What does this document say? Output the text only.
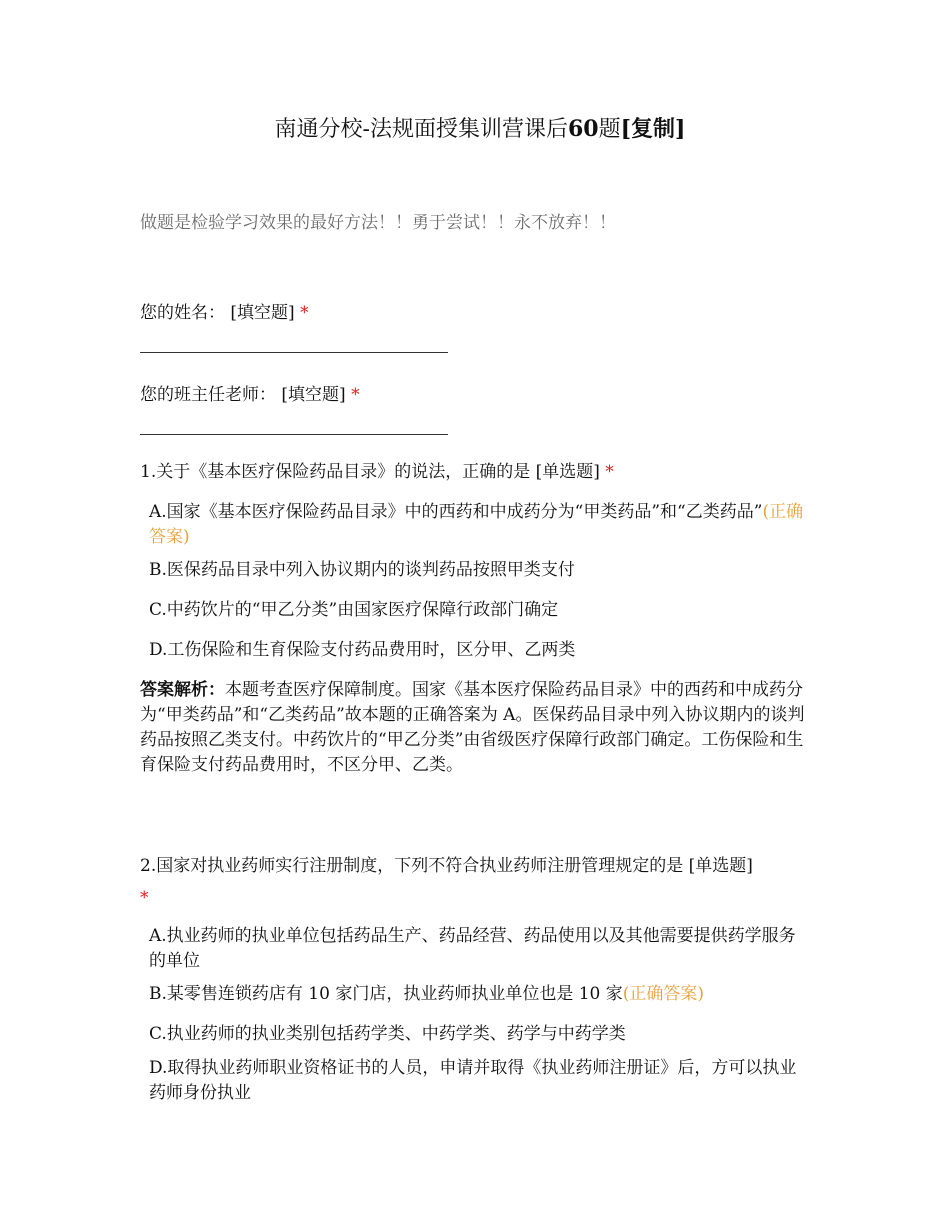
南通分校-法规面授集训营课后60题[复制]
做题是检验学习效果的最好方法！！勇于尝试！！永不放弃！！
您的姓名： [填空题] *
您的班主任老师： [填空题] *
1.关于《基本医疗保险药品目录》的说法，正确的是 [单选题] *
A.国家《基本医疗保险药品目录》中的西药和中成药分为“甲类药品”和“乙类药品”(正确答案)
B.医保药品目录中列入协议期内的谈判药品按照甲类支付
C.中药饮片的“甲乙分类”由国家医疗保障行政部门确定
D.工伤保险和生育保险支付药品费用时，区分甲、乙两类
答案解析：本题考查医疗保障制度。国家《基本医疗保险药品目录》中的西药和中成药分为“甲类药品”和“乙类药品”故本题的正确答案为 A。医保药品目录中列入协议期内的谈判药品按照乙类支付。中药饮片的“甲乙分类”由省级医疗保障行政部门确定。工伤保险和生育保险支付药品费用时，不区分甲、乙类。
2.国家对执业药师实行注册制度，下列不符合执业药师注册管理规定的是 [单选题]
*
A.执业药师的执业单位包括药品生产、药品经营、药品使用以及其他需要提供药学服务的单位
B.某零售连锁药店有 10 家门店，执业药师执业单位也是 10 家(正确答案)
C.执业药师的执业类别包括药学类、中药学类、药学与中药学类
D.取得执业药师职业资格证书的人员，申请并取得《执业药师注册证》后，方可以执业药师身份执业
